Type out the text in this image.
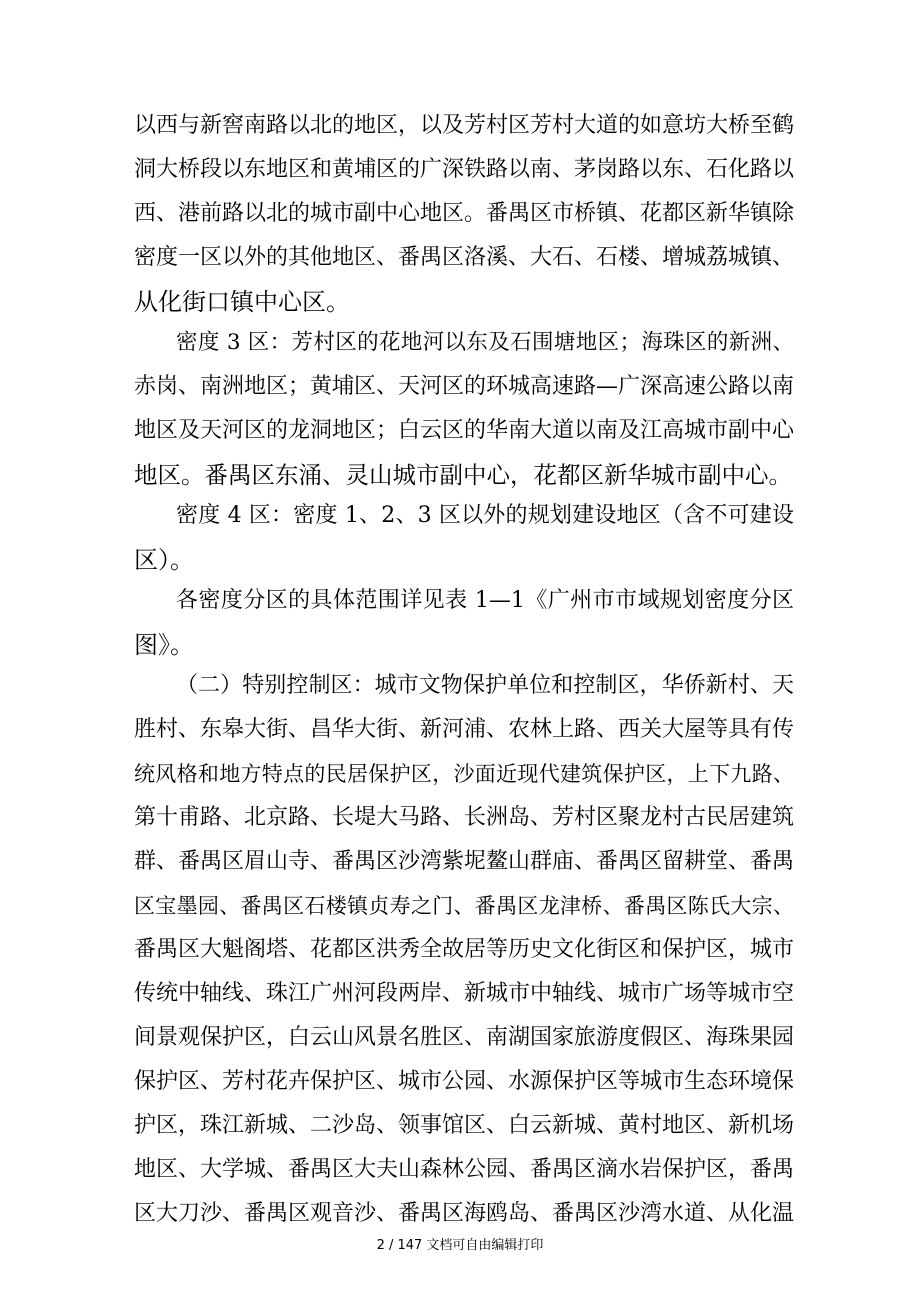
以西与新窖南路以北的地区，以及芳村区芳村大道的如意坊大桥至鹤
洞大桥段以东地区和黄埔区的广深铁路以南、茅岗路以东、石化路以
西、港前路以北的城市副中心地区。番禺区市桥镇、花都区新华镇除
密度一区以外的其他地区、番禺区洛溪、大石、石楼、增城荔城镇、
从化街口镇中心区。
密度 3 区：芳村区的花地河以东及石围塘地区；海珠区的新洲、
赤岗、南洲地区；黄埔区、天河区的环城高速路—广深高速公路以南
地区及天河区的龙洞地区；白云区的华南大道以南及江高城市副中心
地区。番禺区东涌、灵山城市副中心，花都区新华城市副中心。
密度 4 区：密度 1、2、3 区以外的规划建设地区（含不可建设
区）。
各密度分区的具体范围详见表 1—1《广州市市域规划密度分区
图》。
（二）特别控制区：城市文物保护单位和控制区，华侨新村、天
胜村、东皋大街、昌华大街、新河浦、农林上路、西关大屋等具有传
统风格和地方特点的民居保护区，沙面近现代建筑保护区，上下九路、
第十甫路、北京路、长堤大马路、长洲岛、芳村区聚龙村古民居建筑
群、番禺区眉山寺、番禺区沙湾紫坭鳌山群庙、番禺区留耕堂、番禺
区宝墨园、番禺区石楼镇贞寿之门、番禺区龙津桥、番禺区陈氏大宗、
番禺区大魁阁塔、花都区洪秀全故居等历史文化街区和保护区，城市
传统中轴线、珠江广州河段两岸、新城市中轴线、城市广场等城市空
间景观保护区，白云山风景名胜区、南湖国家旅游度假区、海珠果园
保护区、芳村花卉保护区、城市公园、水源保护区等城市生态环境保
护区，珠江新城、二沙岛、领事馆区、白云新城、黄村地区、新机场
地区、大学城、番禺区大夫山森林公园、番禺区滴水岩保护区，番禺
区大刀沙、番禺区观音沙、番禺区海鸥岛、番禺区沙湾水道、从化温
2 / 147 文档可自由编辑打印
